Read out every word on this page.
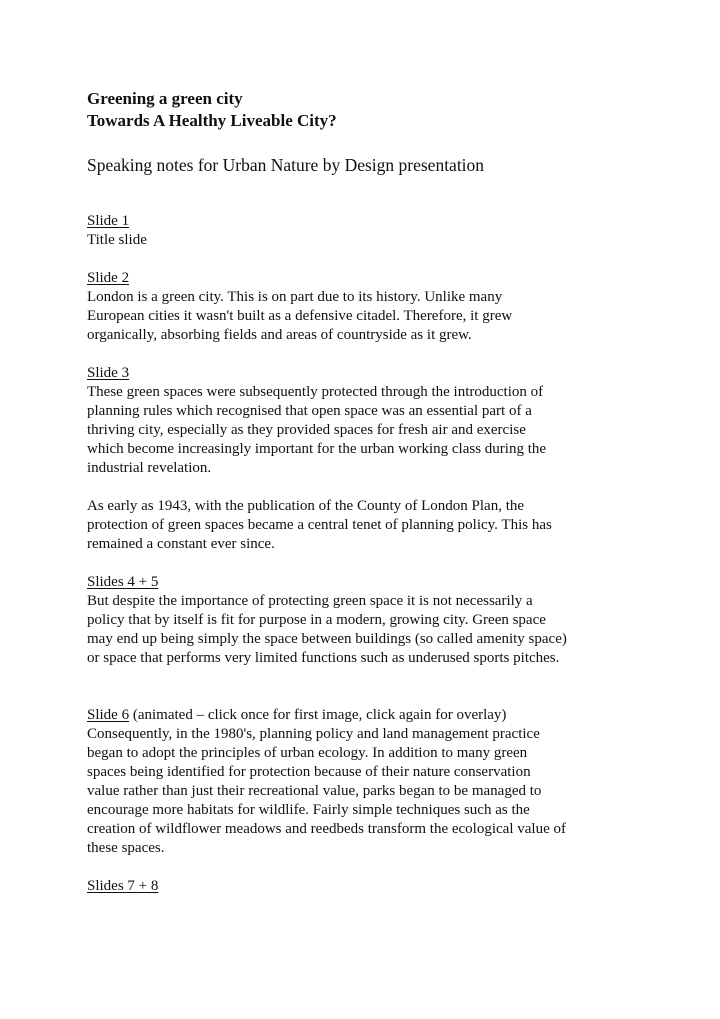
Greening a green city
Towards A Healthy Liveable City?
Speaking notes for Urban Nature by Design presentation
Slide 1

Title slide

Slide 2

London is a green city. This is on part due to its history. Unlike many
European cities it wasn't built as a defensive citadel. Therefore, it grew
organically, absorbing fields and areas of countryside as it grew.

Slide 3

These green spaces were subsequently protected through the introduction of
planning rules which recognised that open space was an essential part of a
thriving city, especially as they provided spaces for fresh air and exercise
which become increasingly important for the urban working class during the
industrial revelation.

As early as 1943, with the publication of the County of London Plan, the
protection of green spaces became a central tenet of planning policy. This has
remained a constant ever since.

Slides 4 + 5

But despite the importance of protecting green space it is not necessarily a
policy that by itself is fit for purpose in a modern, growing city. Green space
may end up being simply the space between buildings (so called amenity space)
or space that performs very limited functions such as underused sports pitches.

Slide 6 (animated – click once for first image, click again for overlay)

Consequently, in the 1980's, planning policy and land management practice
began to adopt the principles of urban ecology. In addition to many green
spaces being identified for protection because of their nature conservation
value rather than just their recreational value, parks began to be managed to
encourage more habitats for wildlife. Fairly simple techniques such as the
creation of wildflower meadows and reedbeds transform the ecological value of
these spaces.

Slides 7 + 8
